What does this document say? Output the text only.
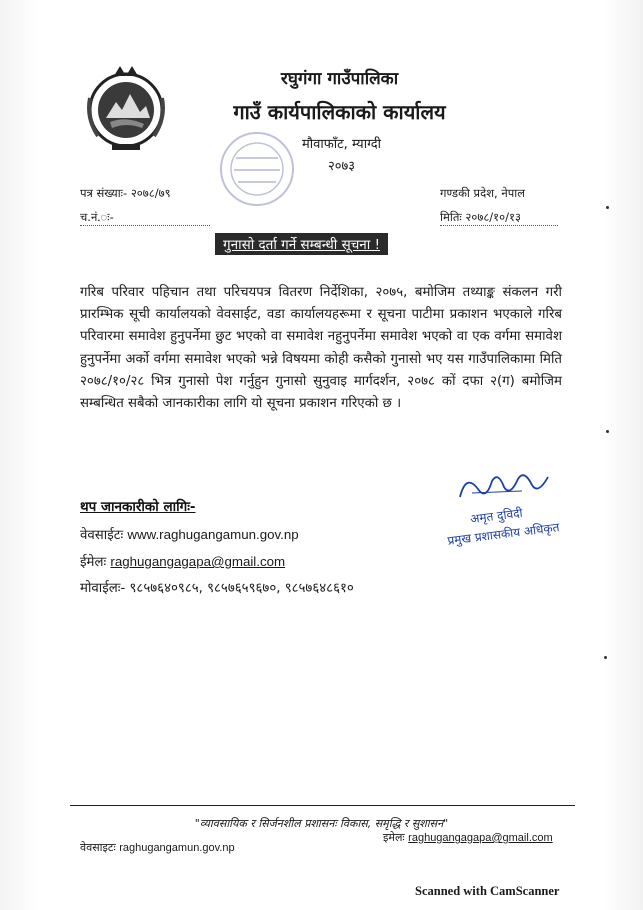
रघुगंगा गाउँपालिका
गाउँ कार्यपालिकाको कार्यालय
मौवाफाँट, म्याग्दी
२०७३
पत्र संख्याः- २०७८/७९
च.नं.ः-
गण्डकी प्रदेश, नेपाल
मितिः २०७८/१०/१३
गुनासो दर्ता गर्ने सम्बन्धी सूचना !
गरिब परिवार पहिचान तथा परिचयपत्र वितरण निर्देशिका, २०७५, बमोजिम तथ्याङ्क संकलन गरी प्रारम्भिक सूची कार्यालयको वेवसाईट, वडा कार्यालयहरूमा र सूचना पाटीमा प्रकाशन भएकाले गरिब परिवारमा समावेश हुनुपर्नेमा छुट भएको वा समावेश नहुनुपर्नेमा समावेश भएको वा एक वर्गमा समावेश हुनुपर्नेमा अर्को वर्गमा समावेश भएको भन्ने विषयमा कोही कसैको गुनासो भए यस गाउँपालिकामा मिति २०७८/१०/२८ भित्र गुनासो पेश गर्नुहुन गुनासो सुनुवाइ मार्गदर्शन, २०७८ कों दफा २(ग) बमोजिम सम्बन्धित सबैको जानकारीका लागि यो सूचना प्रकाशन गरिएको छ ।
थप जानकारीको लागिः-
वेवसाईटः www.raghugangamun.gov.np
ईमेलः raghugangagapa@gmail.com
मोवाईलः- ९८५७६४०९८५, ९८५७६५९६७०, ९८५७६४८६१०
अमृत दुविदी
प्रमुख प्रशासकीय अधिकृत
"व्यावसायिक र सिर्जनशील प्रशासनः विकास, समृद्धि र सुशासन"
वेवसाइटः raghugangamun.gov.np
इमेलः raghugangagapa@gmail.com
Scanned with CamScanner
